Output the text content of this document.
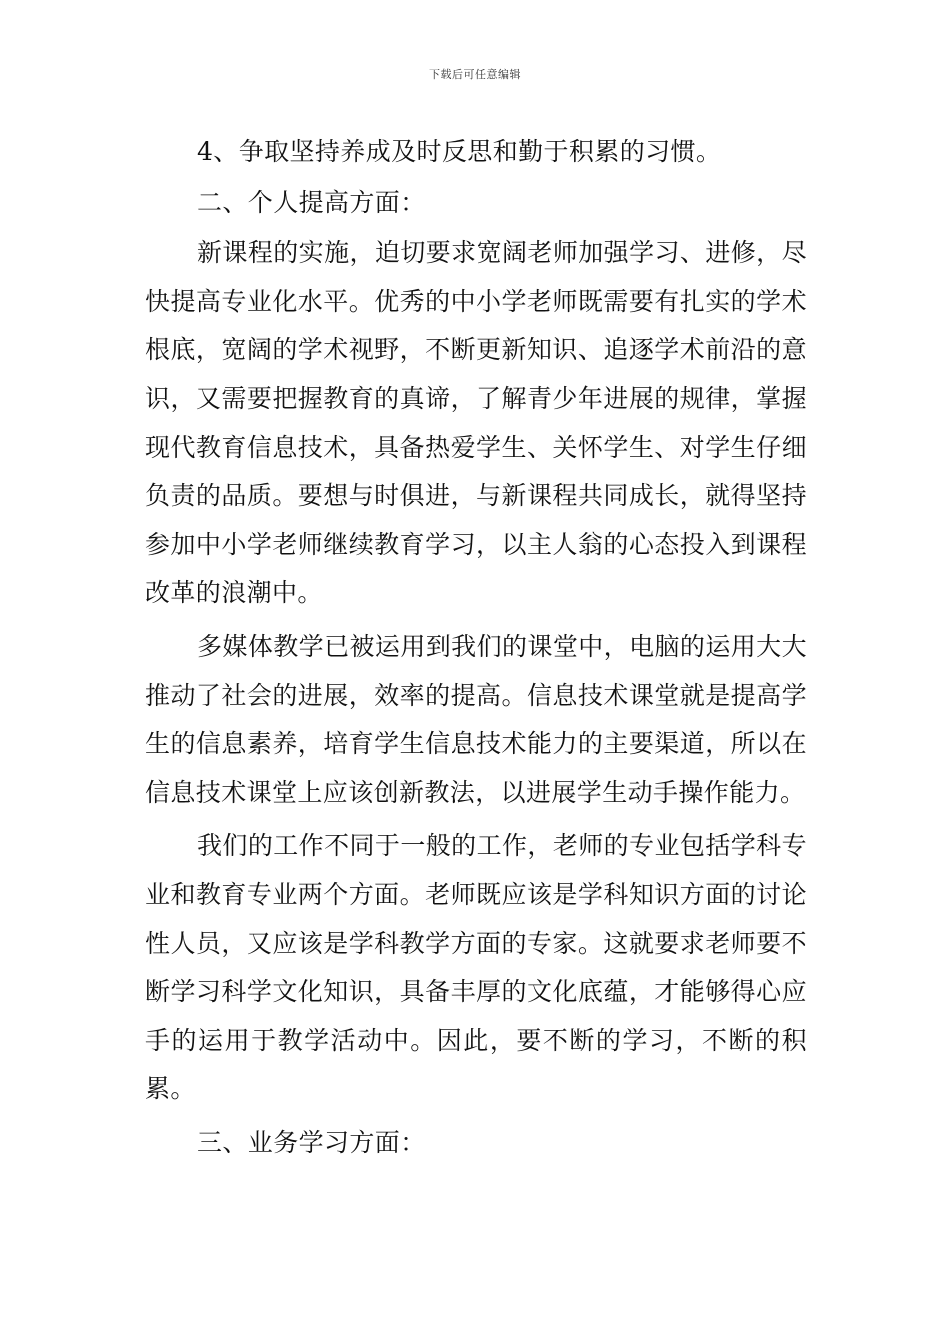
下载后可任意编辑

4、争取坚持养成及时反思和勤于积累的习惯。

二、个人提高方面：

新课程的实施，迫切要求宽阔老师加强学习、进修，尽快提高专业化水平。优秀的中小学老师既需要有扎实的学术根底，宽阔的学术视野，不断更新知识、追逐学术前沿的意识，又需要把握教育的真谛，了解青少年进展的规律，掌握现代教育信息技术，具备热爱学生、关怀学生、对学生仔细负责的品质。要想与时俱进，与新课程共同成长，就得坚持参加中小学老师继续教育学习，以主人翁的心态投入到课程改革的浪潮中。

多媒体教学已被运用到我们的课堂中，电脑的运用大大推动了社会的进展，效率的提高。信息技术课堂就是提高学生的信息素养，培育学生信息技术能力的主要渠道，所以在信息技术课堂上应该创新教法，以进展学生动手操作能力。

我们的工作不同于一般的工作，老师的专业包括学科专业和教育专业两个方面。老师既应该是学科知识方面的讨论性人员，又应该是学科教学方面的专家。这就要求老师要不断学习科学文化知识，具备丰厚的文化底蕴，才能够得心应手的运用于教学活动中。因此，要不断的学习，不断的积累。

三、业务学习方面：
